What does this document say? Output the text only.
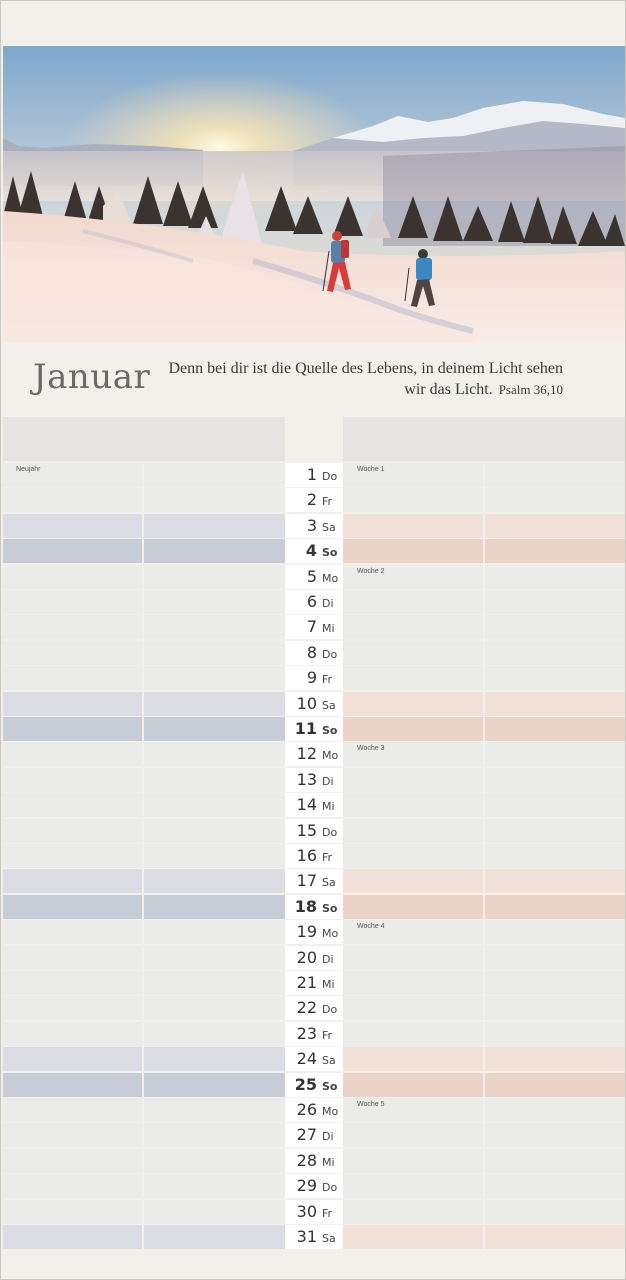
Januar	Denn bei dir ist die Quelle des Lebens, in deinem Licht sehen wir das Licht. Psalm 36,10
1 Do
Neujahr	Woche 1
2 Fr
3 Sa
4 So
5 Mo
Woche 2
6 Di
7 Mi
8 Do
9 Fr
10 Sa
11 So
12 Mo
Woche 3
13 Di
14 Mi
15 Do
16 Fr
17 Sa
18 So
19 Mo
Woche 4
20 Di
21 Mi
22 Do
23 Fr
24 Sa
25 So
26 Mo
Woche 5
27 Di
28 Mi
29 Do
30 Fr
31 Sa
